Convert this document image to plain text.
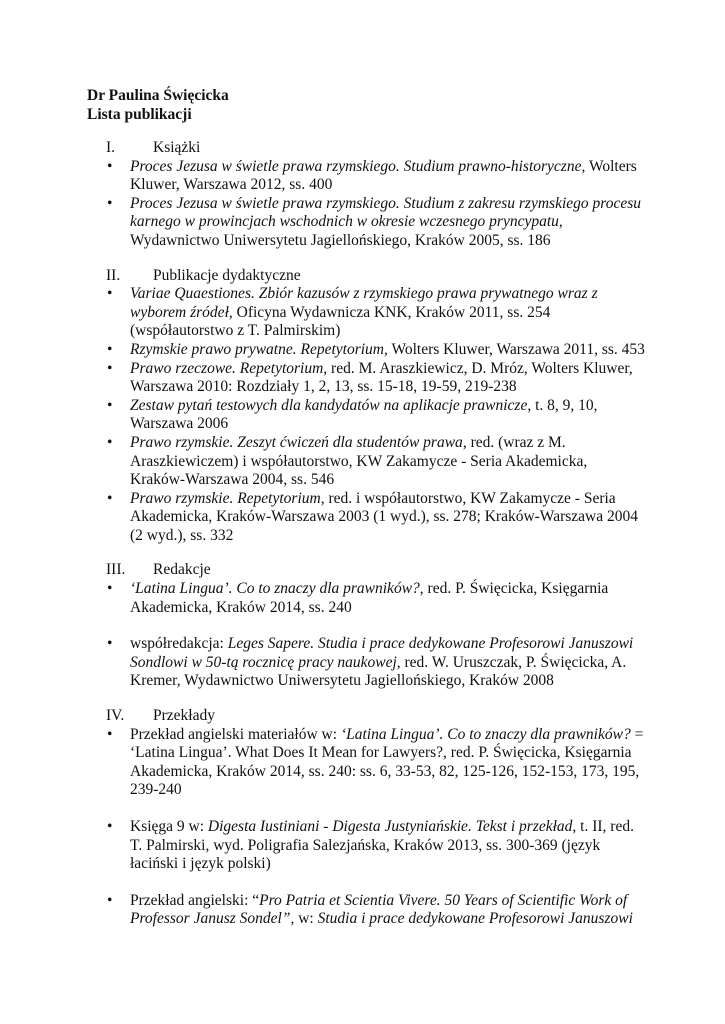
Dr Paulina Święcicka
Lista publikacji
I. Książki
• Proces Jezusa w świetle prawa rzymskiego. Studium prawno-historyczne, Wolters Kluwer, Warszawa 2012, ss. 400
• Proces Jezusa w świetle prawa rzymskiego. Studium z zakresu rzymskiego procesu karnego w prowincjach wschodnich w okresie wczesnego pryncypatu, Wydawnictwo Uniwersytetu Jagiellońskiego, Kraków 2005, ss. 186
II. Publikacje dydaktyczne
• Variae Quaestiones. Zbiór kazusów z rzymskiego prawa prywatnego wraz z wyborem źródeł, Oficyna Wydawnicza KNK, Kraków 2011, ss. 254 (współautorstwo z T. Palmirskim)
• Rzymskie prawo prywatne. Repetytorium, Wolters Kluwer, Warszawa 2011, ss. 453
• Prawo rzeczowe. Repetytorium, red. M. Araszkiewicz, D. Mróz, Wolters Kluwer, Warszawa 2010: Rozdziały 1, 2, 13, ss. 15-18, 19-59, 219-238
• Zestaw pytań testowych dla kandydatów na aplikacje prawnicze, t. 8, 9, 10, Warszawa 2006
• Prawo rzymskie. Zeszyt ćwiczeń dla studentów prawa, red. (wraz z M. Araszkiewiczem) i współautorstwo, KW Zakamycze - Seria Akademicka, Kraków-Warszawa 2004, ss. 546
• Prawo rzymskie. Repetytorium, red. i współautorstwo, KW Zakamycze - Seria Akademicka, Kraków-Warszawa 2003 (1 wyd.), ss. 278; Kraków-Warszawa 2004 (2 wyd.), ss. 332
III. Redakcje
• ‘Latina Lingua’. Co to znaczy dla prawników?, red. P. Święcicka, Księgarnia Akademicka, Kraków 2014, ss. 240
• współredakcja: Leges Sapere. Studia i prace dedykowane Profesorowi Januszowi Sondlowi w 50-tą rocznicę pracy naukowej, red. W. Uruszczak, P. Święcicka, A. Kremer, Wydawnictwo Uniwersytetu Jagiellońskiego, Kraków 2008
IV. Przekłady
• Przekład angielski materiałów w: ‘Latina Lingua’. Co to znaczy dla prawników? = ‘Latina Lingua’. What Does It Mean for Lawyers?, red. P. Święcicka, Księgarnia Akademicka, Kraków 2014, ss. 240: ss. 6, 33-53, 82, 125-126, 152-153, 173, 195, 239-240
• Księga 9 w: Digesta Iustiniani - Digesta Justyniańskie. Tekst i przekład, t. II, red. T. Palmirski, wyd. Poligrafia Salezjańska, Kraków 2013, ss. 300-369 (język łaciński i język polski)
• Przekład angielski: “Pro Patria et Scientia Vivere. 50 Years of Scientific Work of Professor Janusz Sondel”, w: Studia i prace dedykowane Profesorowi Januszowi
